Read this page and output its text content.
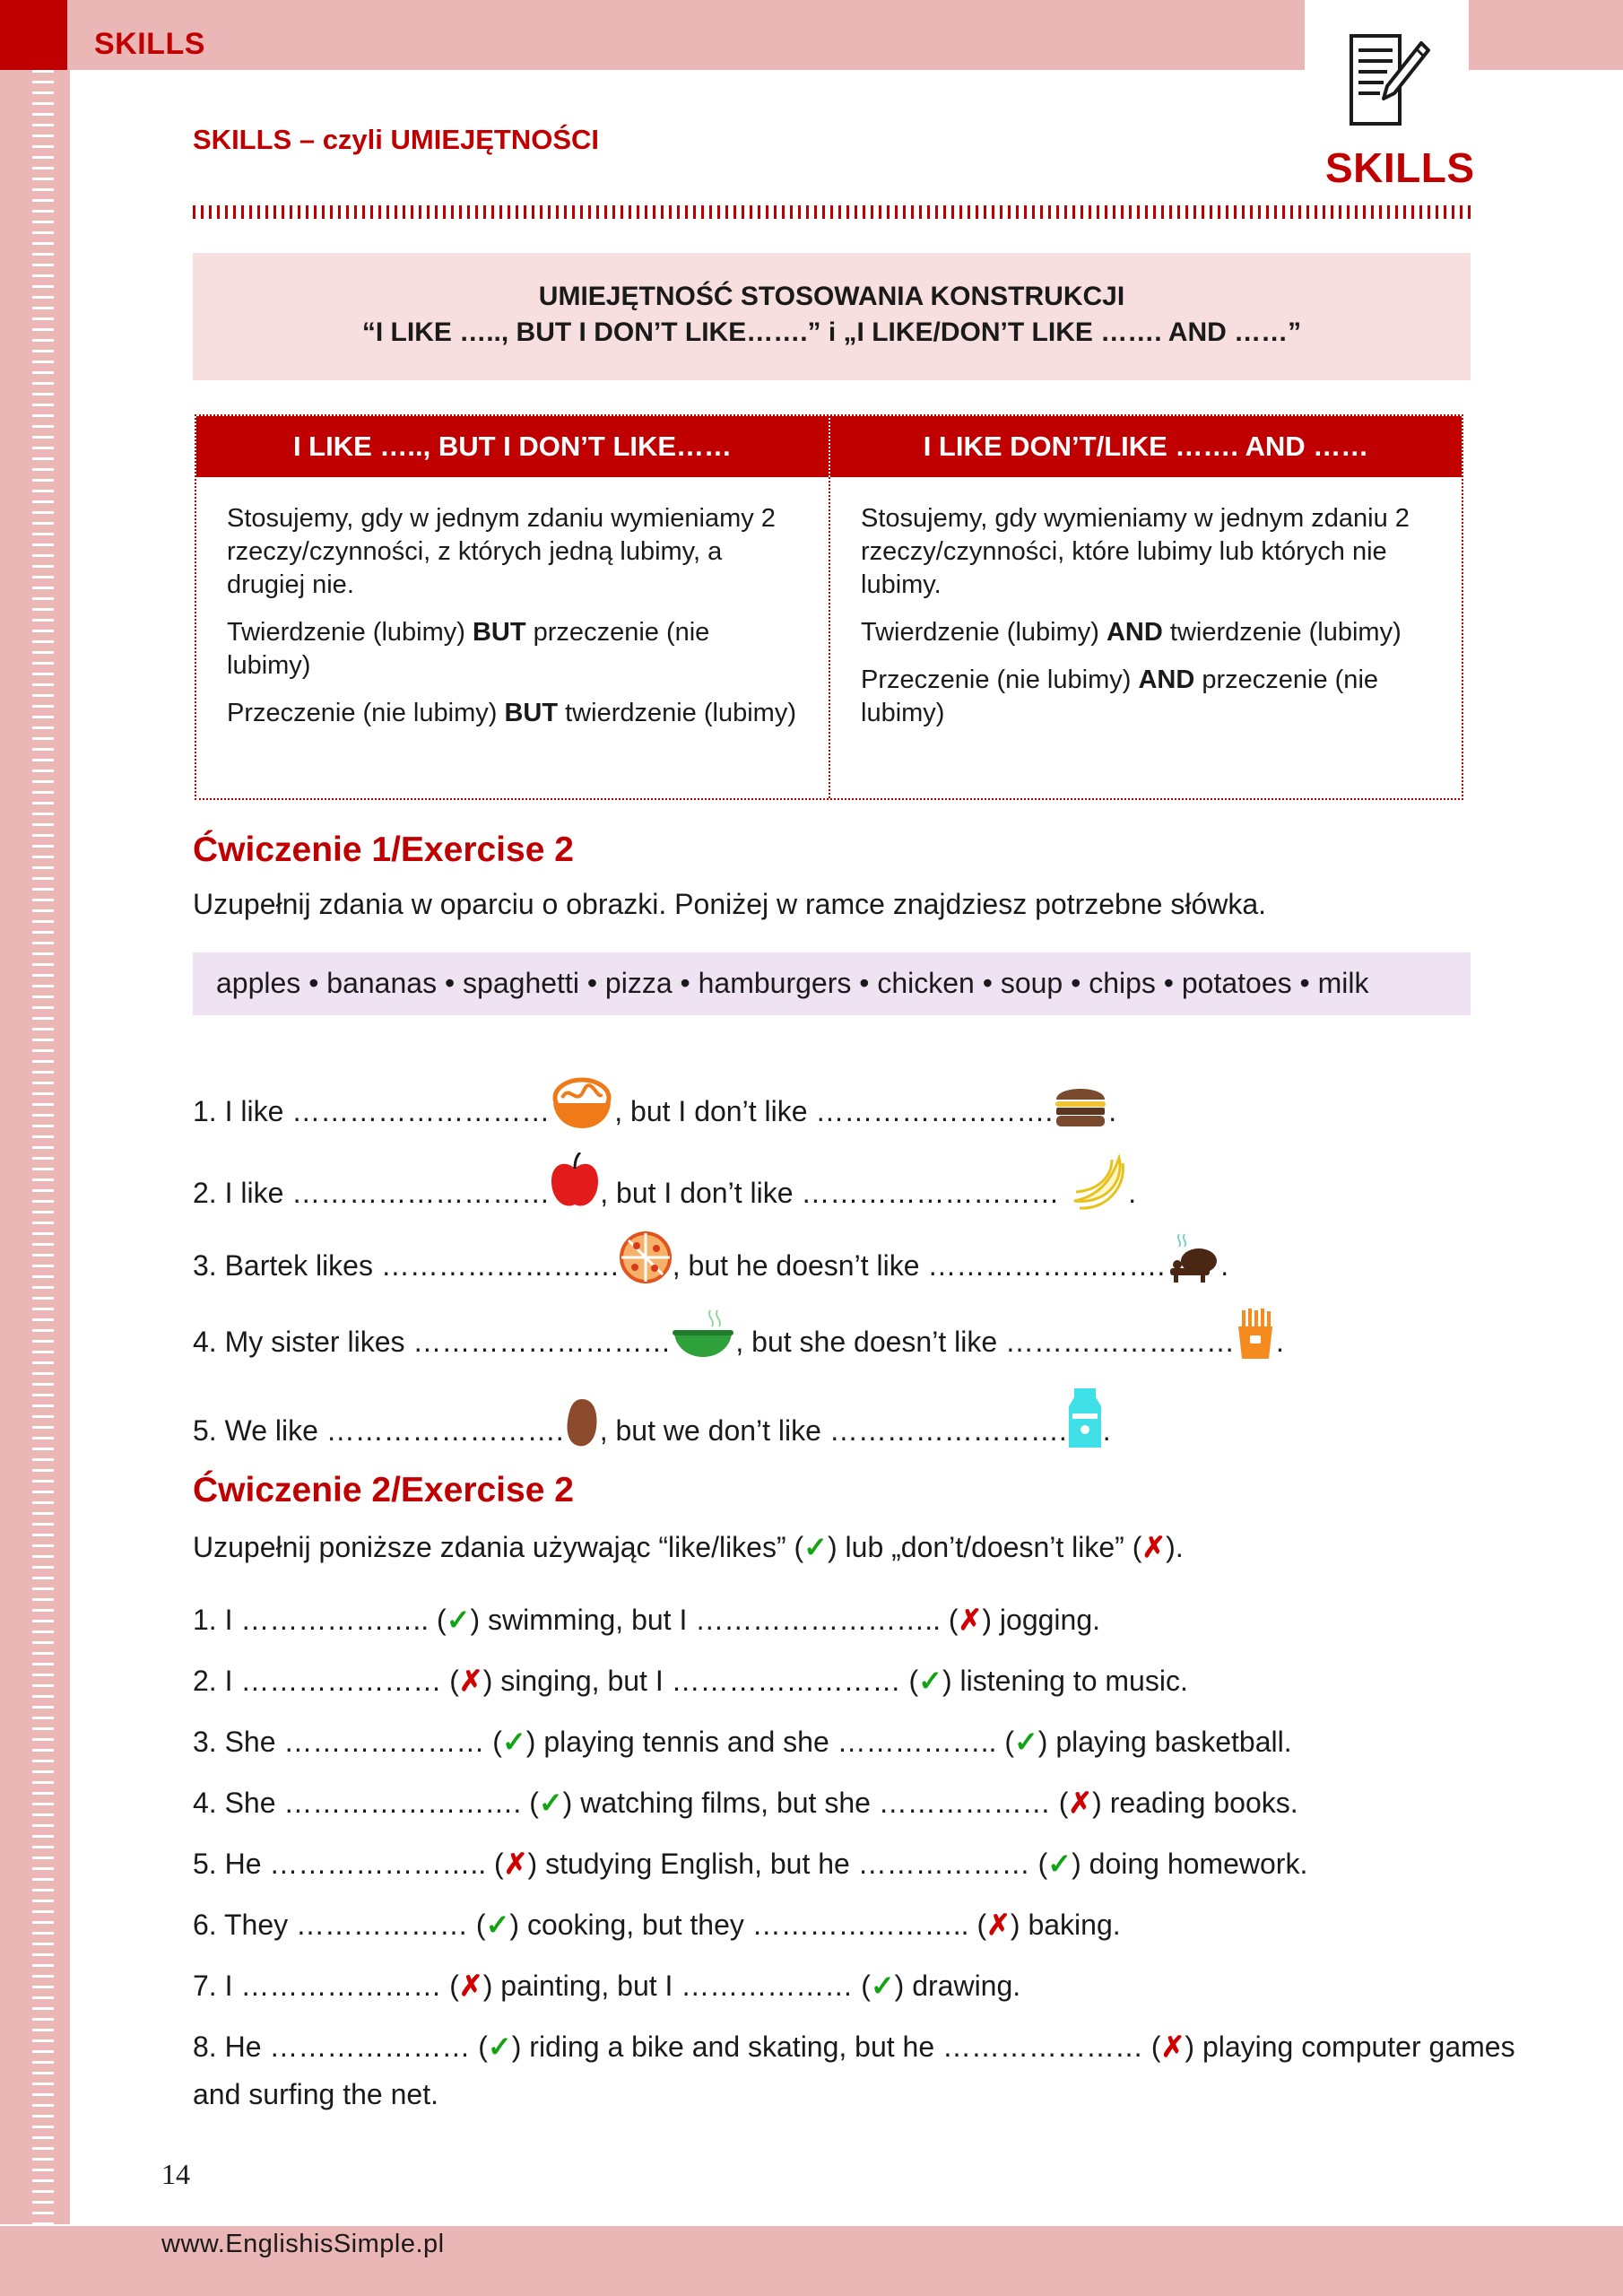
SKILLS
SKILLS
SKILLS – czyli UMIEJĘTNOŚCI
UMIEJĘTNOŚĆ STOSOWANIA KONSTRUKCJI
“I LIKE ….., BUT I DON’T LIKE…….” i „I LIKE/DON’T LIKE ……. AND ……”
I LIKE ….., BUT I DON’T LIKE……

Stosujemy, gdy w jednym zdaniu wymieniamy 2 rzeczy/czynności, z których jedną lubimy, a drugiej nie.

Twierdzenie (lubimy) BUT przeczenie (nie lubimy)

Przeczenie (nie lubimy) BUT twierdzenie (lubimy)

I LIKE DON’T/LIKE ……. AND ……

Stosujemy, gdy wymieniamy w jednym zdaniu 2 rzeczy/czynności, które lubimy lub których nie lubimy.

Twierdzenie (lubimy) AND twierdzenie (lubimy)

Przeczenie (nie lubimy) AND przeczenie (nie lubimy)

Ćwiczenie 1/Exercise 2
Uzupełnij zdania w oparciu o obrazki. Poniżej w ramce znajdziesz potrzebne słówka.
apples • bananas • spaghetti • pizza • hamburgers • chicken • soup • chips • potatoes • milk
1. I like ……………………… , but I don’t like ……………………. .
2. I like ……………………… , but I don’t like ………………………
.
3. Bartek likes ……………………. , but he doesn’t like ……………………. .
4. My sister likes ……………………… , but she doesn’t like …………………… .
5. We like ……………………. , but we don’t like ……………………. .
Ćwiczenie 2/Exercise 2
Uzupełnij poniższe zdania używając “like/likes” (✓) lub „don’t/doesn’t like” (✗).
1. I ……………….. (✓) swimming, but I …………………….. (✗) jogging.
2. I ………………… (✗) singing, but I …………………… (✓) listening to music.
3. She ………………… (✓) playing tennis and she …………….. (✓) playing basketball.
4. She ……………………. (✓) watching films, but she ……………… (✗) reading books.
5. He ………………….. (✗) studying English, but he ……………… (✓) doing homework.
6. They ……………… (✓) cooking, but they ………………….. (✗) baking.
7. I ………………… (✗) painting, but I ……………… (✓) drawing.
8. He ………………… (✓) riding a bike and skating, but he ………………… (✗) playing computer games
and surfing the net.
14
www.EnglishisSimple.pl
